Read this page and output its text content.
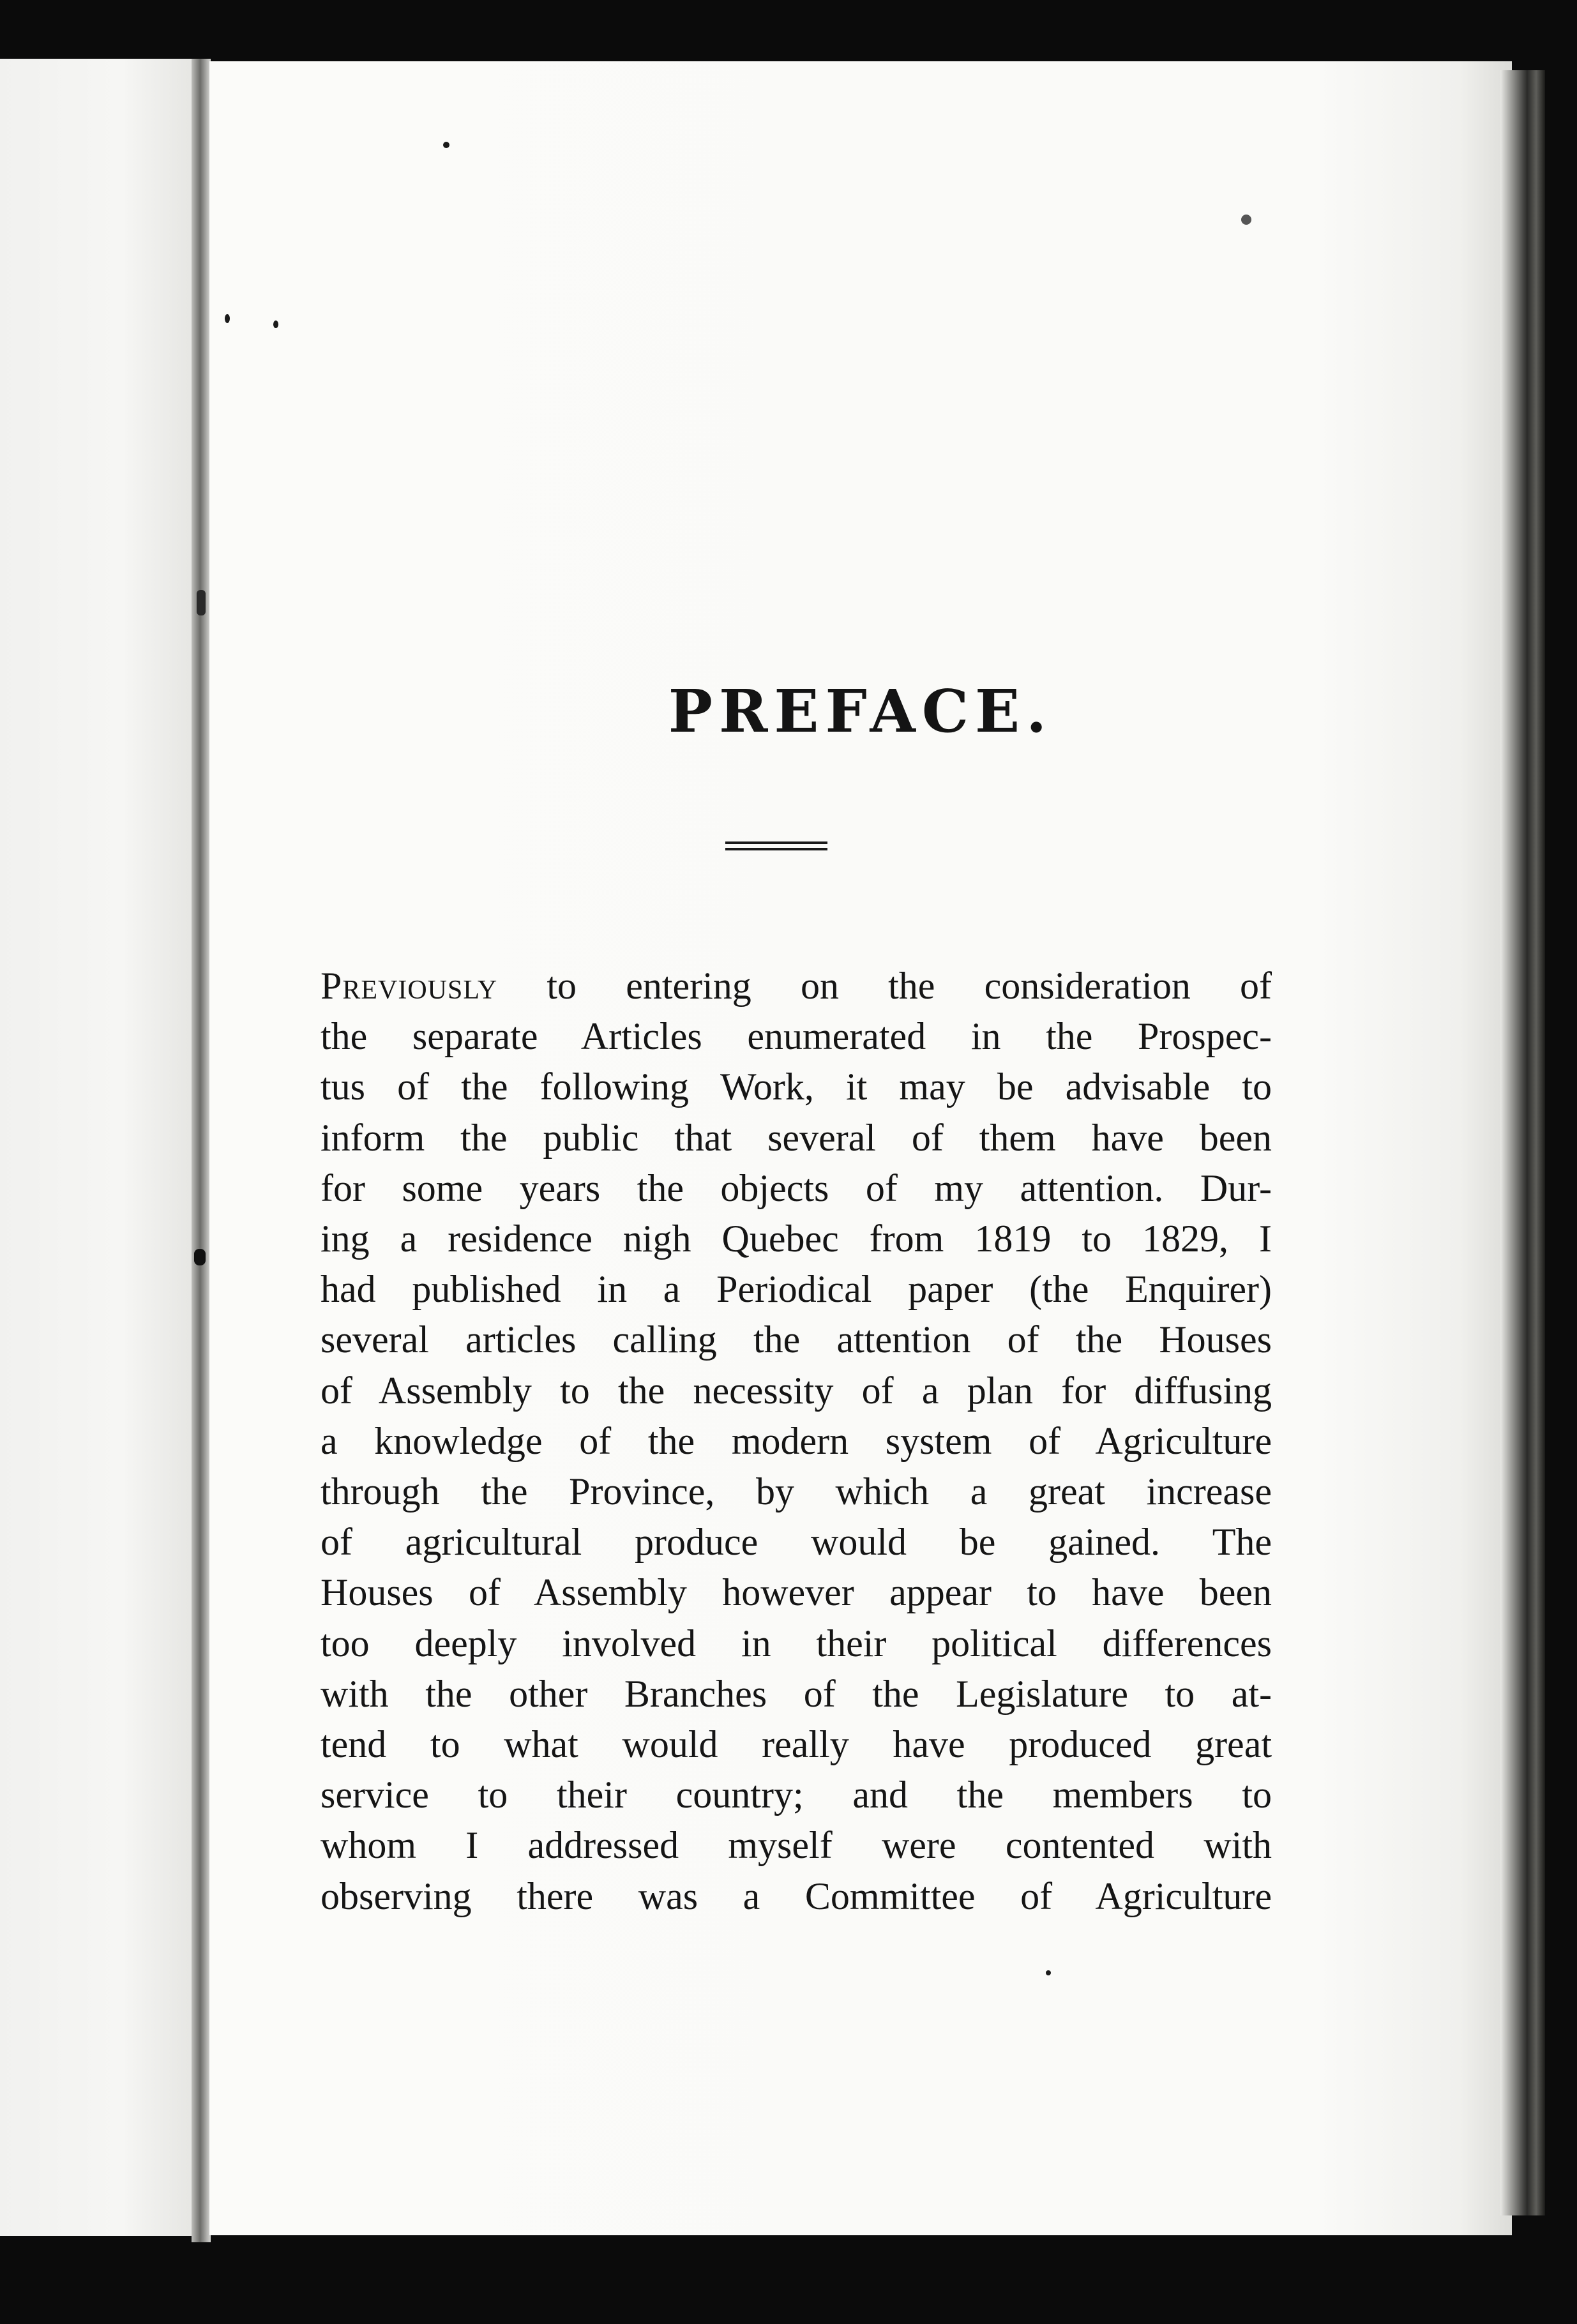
PREFACE.

Previously to entering on the consideration of
the separate Articles enumerated in the Prospec-
tus of the following Work, it may be advisable to
inform the public that several of them have been
for some years the objects of my attention. Dur-
ing a residence nigh Quebec from 1819 to 1829, I
had published in a Periodical paper (the Enquirer)
several articles calling the attention of the Houses
of Assembly to the necessity of a plan for diffusing
a knowledge of the modern system of Agriculture
through the Province, by which a great increase
of agricultural produce would be gained. The
Houses of Assembly however appear to have been
too deeply involved in their political differences
with the other Branches of the Legislature to at-
tend to what would really have produced great
service to their country; and the members to
whom I addressed myself were contented with
observing there was a Committee of Agriculture
